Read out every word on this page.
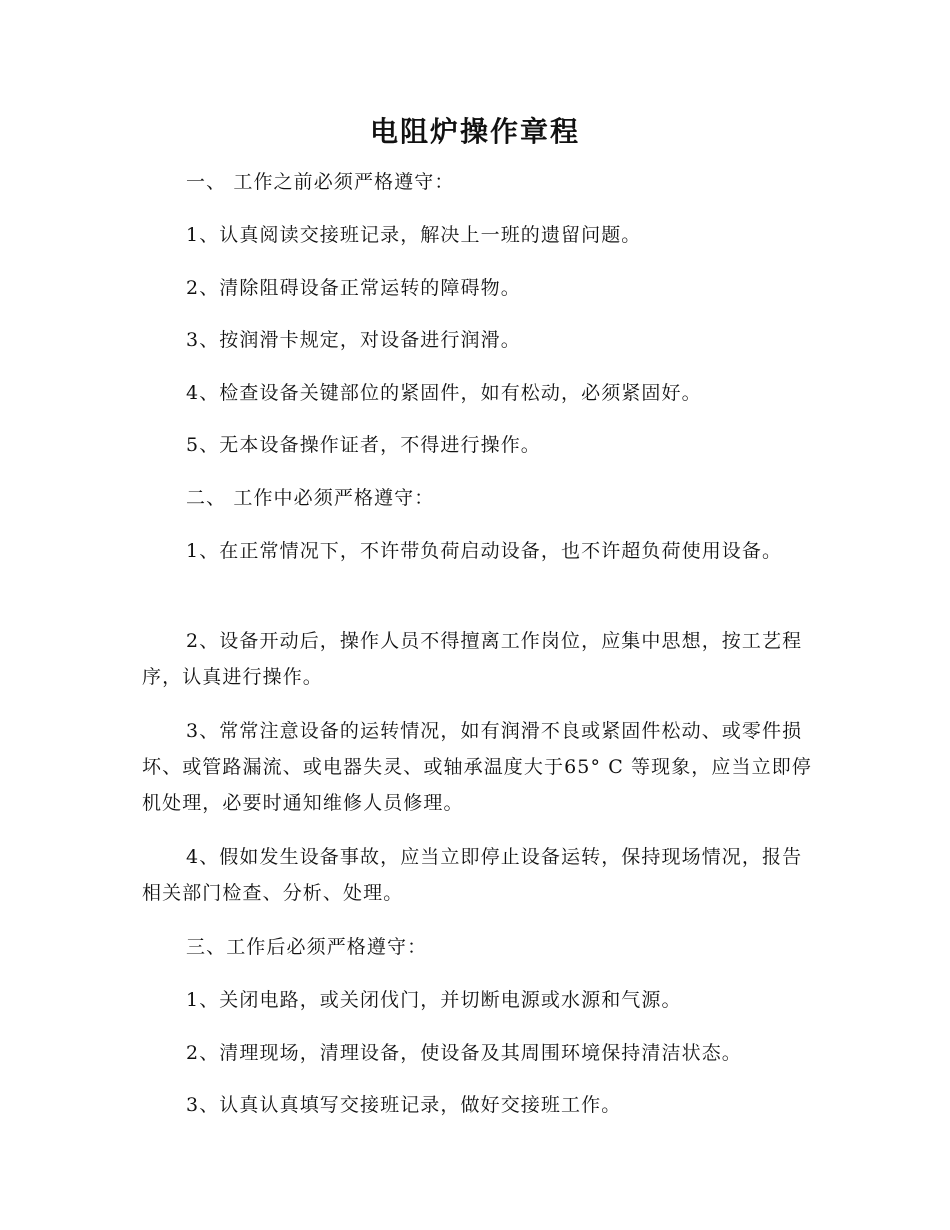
电阻炉操作章程

一、 工作之前必须严格遵守：

1、认真阅读交接班记录，解决上一班的遗留问题。

2、清除阻碍设备正常运转的障碍物。

3、按润滑卡规定，对设备进行润滑。

4、检查设备关键部位的紧固件，如有松动，必须紧固好。

5、无本设备操作证者，不得进行操作。

二、 工作中必须严格遵守：

1、在正常情况下，不许带负荷启动设备，也不许超负荷使用设备。

2、设备开动后，操作人员不得擅离工作岗位，应集中思想，按工艺程序，认真进行操作。

3、常常注意设备的运转情况，如有润滑不良或紧固件松动、或零件损坏、或管路漏流、或电器失灵、或轴承温度大于65° C 等现象，应当立即停机处理，必要时通知维修人员修理。

4、假如发生设备事故，应当立即停止设备运转，保持现场情况，报告相关部门检查、分析、处理。

三、工作后必须严格遵守：

1、关闭电路，或关闭伐门，并切断电源或水源和气源。

2、清理现场，清理设备，使设备及其周围环境保持清洁状态。

3、认真认真填写交接班记录，做好交接班工作。
